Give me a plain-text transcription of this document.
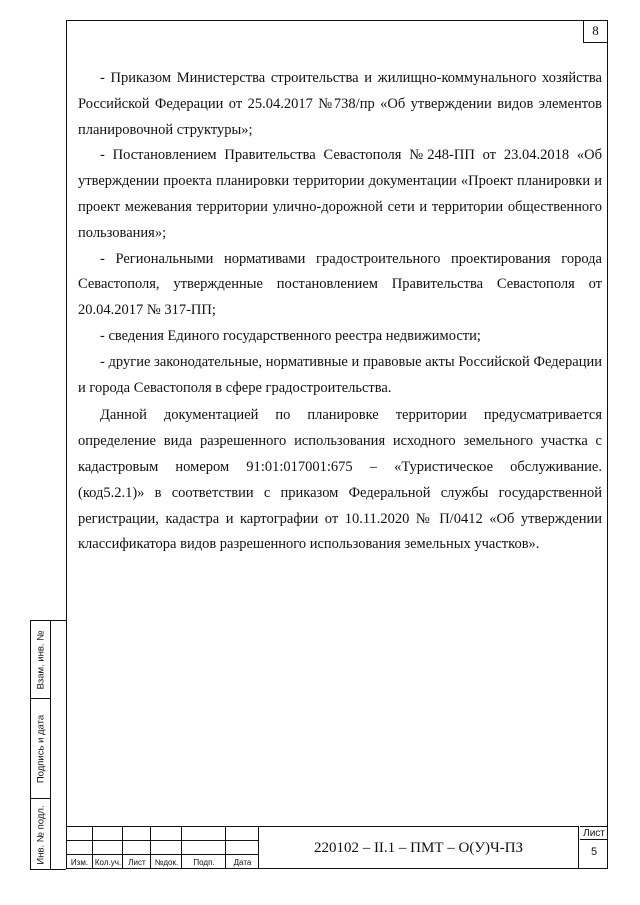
8

- Приказом Министерства строительства и жилищно-коммунального хозяйства Российской Федерации от 25.04.2017 №738/пр «Об утверждении видов элементов планировочной структуры»;

- Постановлением Правительства Севастополя №248-ПП от 23.04.2018 «Об утверждении проекта планировки территории документации «Проект планировки и проект межевания территории улично-дорожной сети и территории общественного пользования»;

- Региональными нормативами градостроительного проектирования города Севастополя, утвержденные постановлением Правительства Севастополя от 20.04.2017 № 317-ПП;

- сведения Единого государственного реестра недвижимости;

- другие законодательные, нормативные и правовые акты Российской Федерации и города Севастополя в сфере градостроительства.

Данной документацией по планировке территории предусматривается определение вида разрешенного использования исходного земельного участка с кадастровым номером 91:01:017001:675 – «Туристическое обслуживание. (код5.2.1)» в соответствии с приказом Федеральной службы государственной регистрации, кадастра и картографии от 10.11.2020 № П/0412 «Об утверждении классификатора видов разрешенного использования земельных участков».

Взам. инв. №
Подпись и дата
Инв. № подл.	Изм. Кол.уч. Лист	№док.	Подп.	Дата
220102 – II.1 – ПМТ – О(У)Ч-ПЗ
Лист
5
